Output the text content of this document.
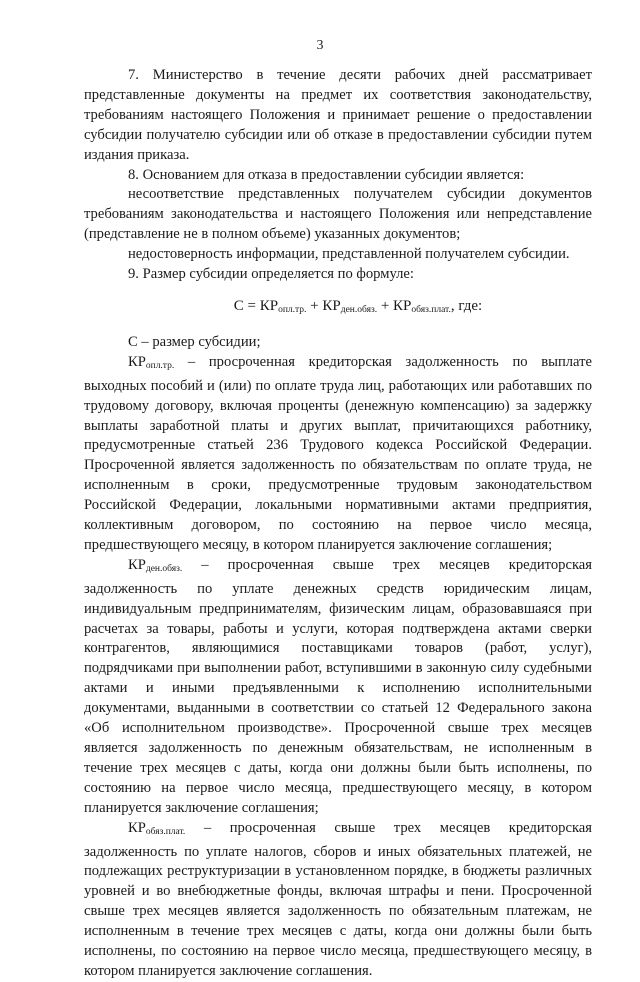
3

7. Министерство в течение десяти рабочих дней рассматривает представленные документы на предмет их соответствия законодательству, требованиям настоящего Положения и принимает решение о предоставлении субсидии получателю субсидии или об отказе в предоставлении субсидии путем издания приказа.

8. Основанием для отказа в предоставлении субсидии является:

несоответствие представленных получателем субсидии документов требованиям законодательства и настоящего Положения или непредставление (представление не в полном объеме) указанных документов;

недостоверность информации, представленной получателем субсидии.

9. Размер субсидии определяется по формуле:

$С = КР_{опл.тр.} + КР_{ден.обяз.} + КР_{обяз.плат.}$, где:

С – размер субсидии;

$КР_{опл.тр.}$ – просроченная кредиторская задолженность по выплате выходных пособий и (или) по оплате труда лиц, работающих или работавших по трудовому договору, включая проценты (денежную компенсацию) за задержку выплаты заработной платы и других выплат, причитающихся работнику, предусмотренные статьей 236 Трудового кодекса Российской Федерации. Просроченной является задолженность по обязательствам по оплате труда, не исполненным в сроки, предусмотренные трудовым законодательством Российской Федерации, локальными нормативными актами предприятия, коллективным договором, по состоянию на первое число месяца, предшествующего месяцу, в котором планируется заключение соглашения;

$КР_{ден.обяз.}$ – просроченная свыше трех месяцев кредиторская задолженность по уплате денежных средств юридическим лицам, индивидуальным предпринимателям, физическим лицам, образовавшаяся при расчетах за товары, работы и услуги, которая подтверждена актами сверки контрагентов, являющимися поставщиками товаров (работ, услуг), подрядчиками при выполнении работ, вступившими в законную силу судебными актами и иными предъявленными к исполнению исполнительными документами, выданными в соответствии со статьей 12 Федерального закона «Об исполнительном производстве». Просроченной свыше трех месяцев является задолженность по денежным обязательствам, не исполненным в течение трех месяцев с даты, когда они должны были быть исполнены, по состоянию на первое число месяца, предшествующего месяцу, в котором планируется заключение соглашения;

$КР_{обяз.плат.}$ – просроченная свыше трех месяцев кредиторская задолженность по уплате налогов, сборов и иных обязательных платежей, не подлежащих реструктуризации в установленном порядке, в бюджеты различных уровней и во внебюджетные фонды, включая штрафы и пени. Просроченной свыше трех месяцев является задолженность по обязательным платежам, не исполненным в течение трех месяцев с даты, когда они должны были быть исполнены, по состоянию на первое число месяца, предшествующего месяцу, в котором планируется заключение соглашения.
